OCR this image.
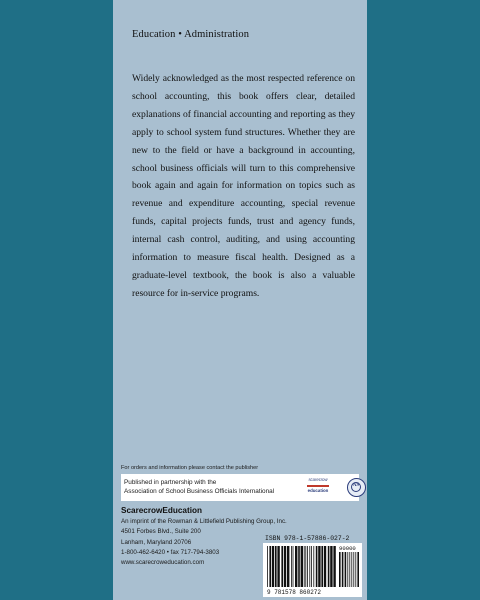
Education • Administration

Widely acknowledged as the most respected reference on school accounting, this book offers clear, detailed explanations of financial accounting and reporting as they apply to school system fund structures. Whether they are new to the field or have a background in accounting, school business officials will turn to this comprehensive book again and again for information on topics such as revenue and expenditure accounting, special revenue funds, capital projects funds, trust and agency funds, internal cash control, auditing, and using accounting information to measure fiscal health. Designed as a graduate-level textbook, the book is also a valuable resource for in-service programs.

For orders and information please contact the publisher
Published in partnership with the
Association of School Business Officials International
scarecrow
education
AS
ScarecrowEducation
An imprint of the Rowman & Littlefield Publishing Group, Inc.
4501 Forbes Blvd., Suite 200
Lanham, Maryland 20706
1-800-462-6420 • fax 717-794-3803
www.scarecroweducation.com
ISBN 978-1-57886-027-2
90000
9 781578 860272
